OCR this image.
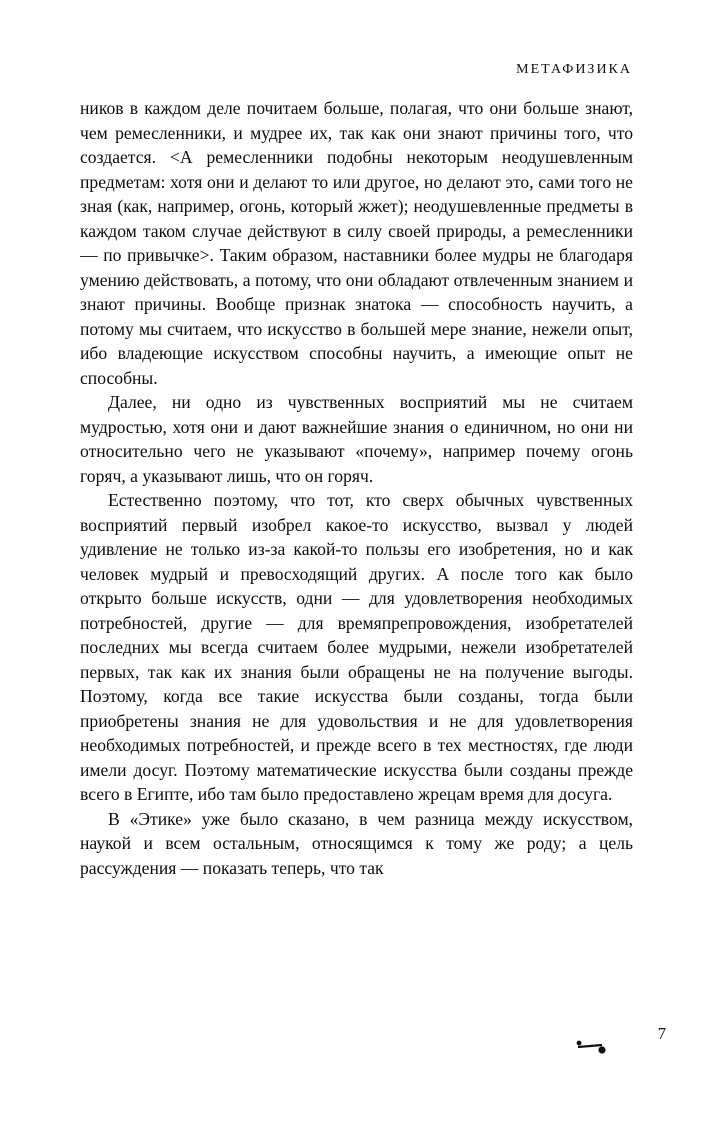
МЕТАФИЗИКА

ников в каждом деле почитаем больше, полагая, что они больше знают, чем ремесленники, и мудрее их, так как они знают причины того, что создается. <А ремесленники подобны некоторым неодушевленным предметам: хотя они и делают то или другое, но делают это, сами того не зная (как, например, огонь, который жжет); неодушевленные предметы в каждом таком случае действуют в силу своей природы, а ремесленники — по привычке>. Таким образом, наставники более мудры не благодаря умению действовать, а потому, что они обладают отвлеченным знанием и знают причины. Вообще признак знатока — способность научить, а потому мы считаем, что искусство в большей мере знание, нежели опыт, ибо владеющие искусством способны научить, а имеющие опыт не способны.

Далее, ни одно из чувственных восприятий мы не считаем мудростью, хотя они и дают важнейшие знания о единичном, но они ни относительно чего не указывают «почему», например почему огонь горяч, а указывают лишь, что он горяч.

Естественно поэтому, что тот, кто сверх обычных чувственных восприятий первый изобрел какое-то искусство, вызвал у людей удивление не только из-за какой-то пользы его изобретения, но и как человек мудрый и превосходящий других. А после того как было открыто больше искусств, одни — для удовлетворения необходимых потребностей, другие — для времяпрепровождения, изобретателей последних мы всегда считаем более мудрыми, нежели изобретателей первых, так как их знания были обращены не на получение выгоды. Поэтому, когда все такие искусства были созданы, тогда были приобретены знания не для удовольствия и не для удовлетворения необходимых потребностей, и прежде всего в тех местностях, где люди имели досуг. Поэтому математические искусства были созданы прежде всего в Египте, ибо там было предоставлено жрецам время для досуга.

В «Этике» уже было сказано, в чем разница между искусством, наукой и всем остальным, относящимся к тому же роду; а цель рассуждения — показать теперь, что так

7
